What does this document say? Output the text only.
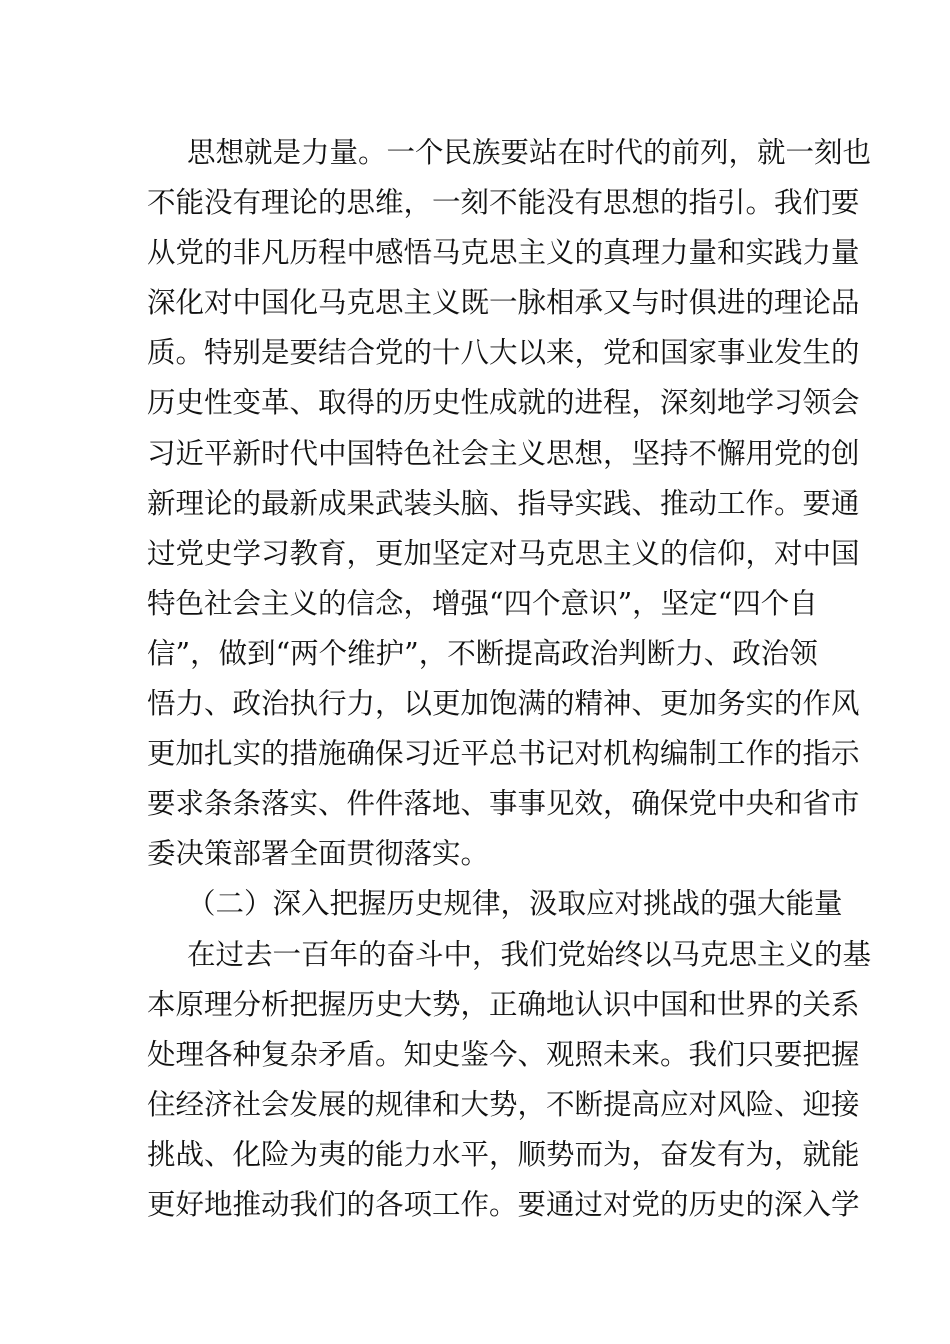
思想就是力量。一个民族要站在时代的前列，就一刻也
不能没有理论的思维，一刻不能没有思想的指引。我们要
从党的非凡历程中感悟马克思主义的真理力量和实践力量
深化对中国化马克思主义既一脉相承又与时俱进的理论品
质。特别是要结合党的十八大以来，党和国家事业发生的
历史性变革、取得的历史性成就的进程，深刻地学习领会
习近平新时代中国特色社会主义思想，坚持不懈用党的创
新理论的最新成果武装头脑、指导实践、推动工作。要通
过党史学习教育，更加坚定对马克思主义的信仰，对中国
特色社会主义的信念，增强“四个意识”，坚定“四个自
信”，做到“两个维护”，不断提高政治判断力、政治领
悟力、政治执行力，以更加饱满的精神、更加务实的作风
更加扎实的措施确保习近平总书记对机构编制工作的指示
要求条条落实、件件落地、事事见效，确保党中央和省市
委决策部署全面贯彻落实。
（二）深入把握历史规律，汲取应对挑战的强大能量
在过去一百年的奋斗中，我们党始终以马克思主义的基
本原理分析把握历史大势，正确地认识中国和世界的关系
处理各种复杂矛盾。知史鉴今、观照未来。我们只要把握
住经济社会发展的规律和大势，不断提高应对风险、迎接
挑战、化险为夷的能力水平，顺势而为，奋发有为，就能
更好地推动我们的各项工作。要通过对党的历史的深入学
